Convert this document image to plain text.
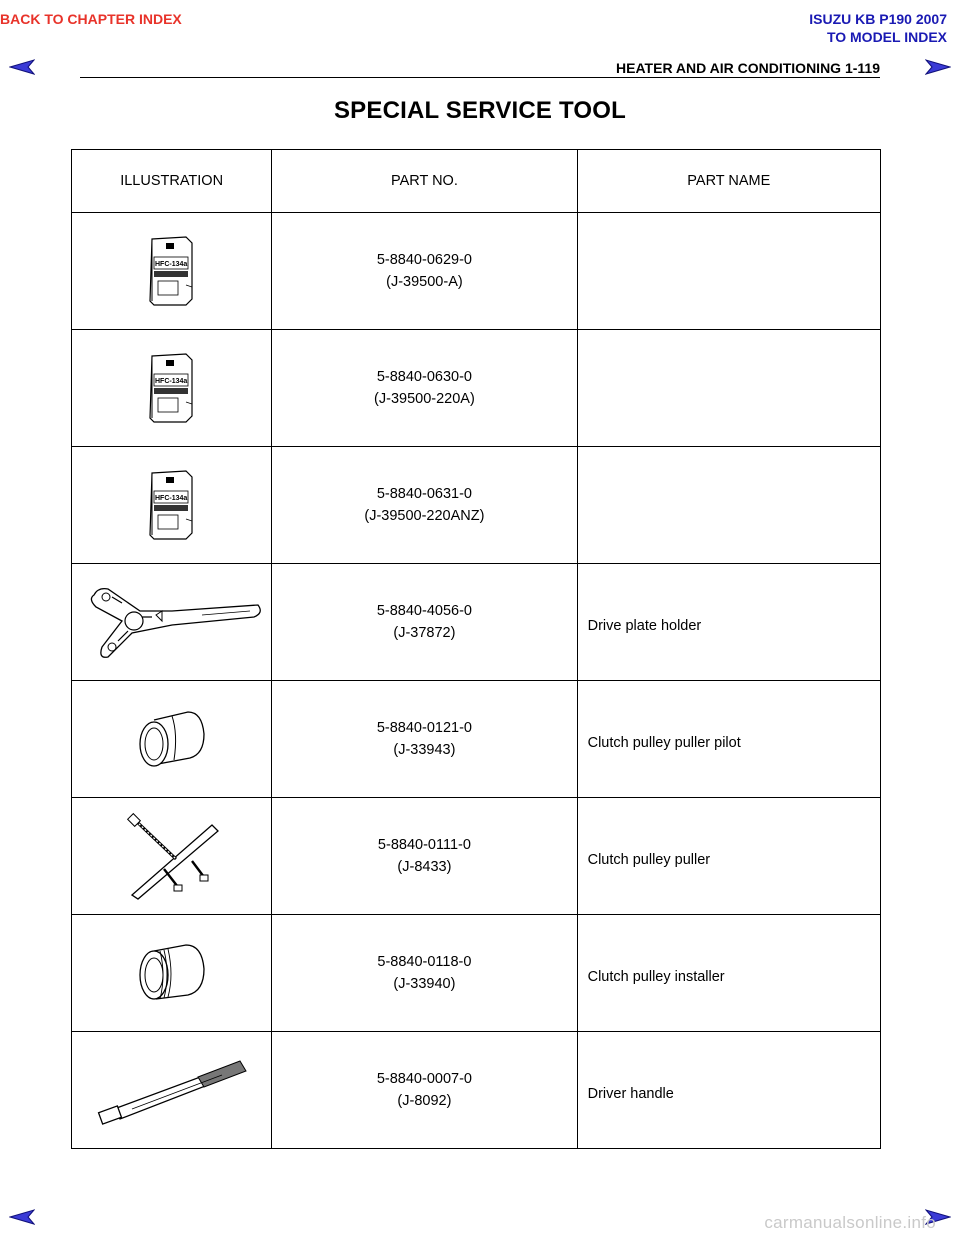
BACK TO CHAPTER INDEX	ISUZU KB P190 2007
TO MODEL INDEX
HEATER AND AIR CONDITIONING 1-119
SPECIAL SERVICE TOOL
ILLUSTRATION	PART NO.	PART NAME

HFC-134a	5-8840-0629-0
(J-39500-A)	

HFC-134a	5-8840-0630-0
(J-39500-220A)	

HFC-134a	5-8840-0631-0
(J-39500-220ANZ)	

	5-8840-4056-0
(J-37872)	Drive plate holder

	5-8840-0121-0
(J-33943)	Clutch pulley puller pilot

	5-8840-0111-0
(J-8433)	Clutch pulley puller

	5-8840-0118-0
(J-33940)	Clutch pulley installer

	5-8840-0007-0
(J-8092)	Driver handle
carmanualsonline.info
